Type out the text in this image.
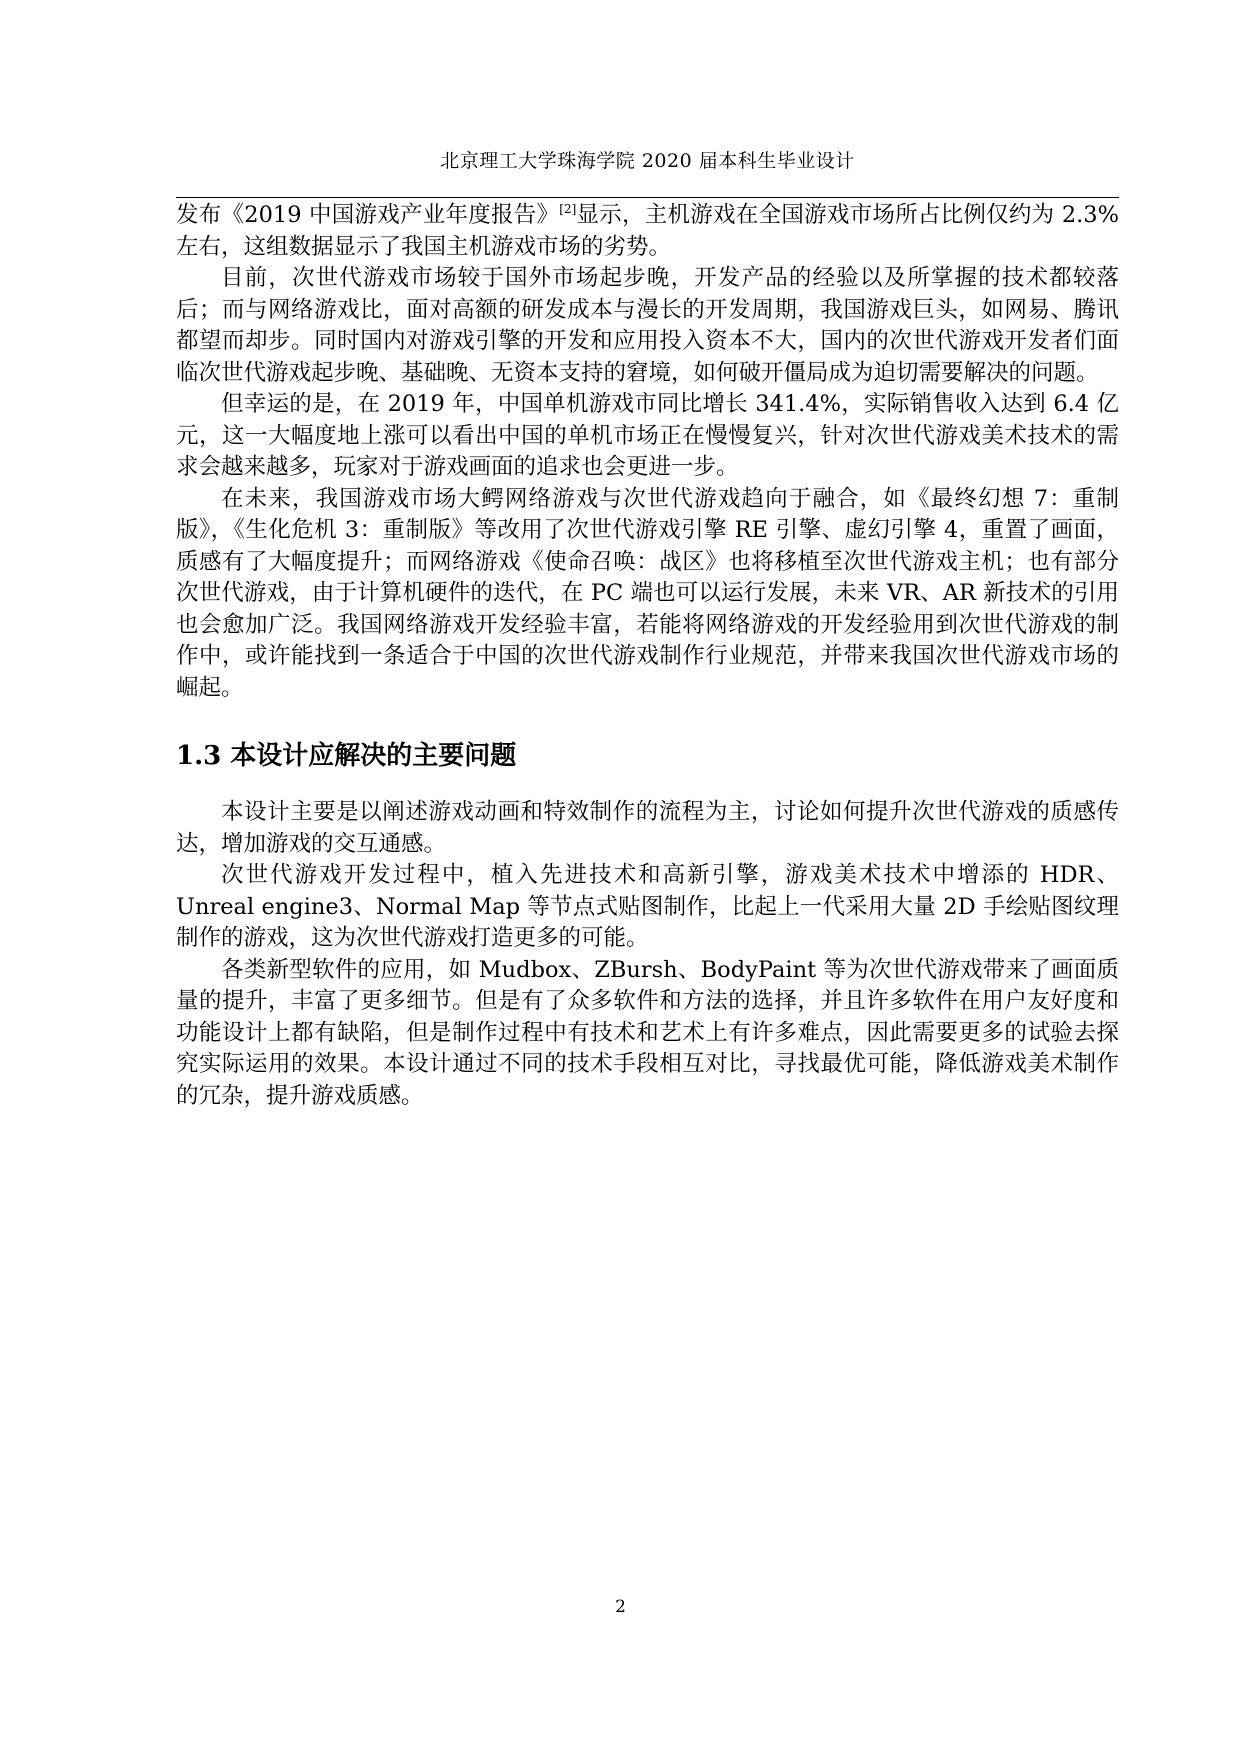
北京理工大学珠海学院 2020 届本科生毕业设计

发布《2019 中国游戏产业年度报告》[2]显示，主机游戏在全国游戏市场所占比例仅约为 2.3%左右，这组数据显示了我国主机游戏市场的劣势。

目前，次世代游戏市场较于国外市场起步晚，开发产品的经验以及所掌握的技术都较落后；而与网络游戏比，面对高额的研发成本与漫长的开发周期，我国游戏巨头，如网易、腾讯都望而却步。同时国内对游戏引擎的开发和应用投入资本不大，国内的次世代游戏开发者们面临次世代游戏起步晚、基础晚、无资本支持的窘境，如何破开僵局成为迫切需要解决的问题。

但幸运的是，在 2019 年，中国单机游戏市同比增长 341.4%，实际销售收入达到 6.4 亿元，这一大幅度地上涨可以看出中国的单机市场正在慢慢复兴，针对次世代游戏美术技术的需求会越来越多，玩家对于游戏画面的追求也会更进一步。

在未来，我国游戏市场大鳄网络游戏与次世代游戏趋向于融合，如《最终幻想 7：重制版》，《生化危机 3：重制版》等改用了次世代游戏引擎 RE 引擎、虚幻引擎 4，重置了画面，质感有了大幅度提升；而网络游戏《使命召唤：战区》也将移植至次世代游戏主机；也有部分次世代游戏，由于计算机硬件的迭代，在 PC 端也可以运行发展，未来 VR、AR 新技术的引用也会愈加广泛。我国网络游戏开发经验丰富，若能将网络游戏的开发经验用到次世代游戏的制作中，或许能找到一条适合于中国的次世代游戏制作行业规范，并带来我国次世代游戏市场的崛起。

1.3 本设计应解决的主要问题

本设计主要是以阐述游戏动画和特效制作的流程为主，讨论如何提升次世代游戏的质感传达，增加游戏的交互通感。

次世代游戏开发过程中，植入先进技术和高新引擎，游戏美术技术中增添的 HDR、Unreal engine3、Normal Map 等节点式贴图制作，比起上一代采用大量 2D 手绘贴图纹理制作的游戏，这为次世代游戏打造更多的可能。

各类新型软件的应用，如 Mudbox、ZBursh、BodyPaint 等为次世代游戏带来了画面质量的提升，丰富了更多细节。但是有了众多软件和方法的选择，并且许多软件在用户友好度和功能设计上都有缺陷，但是制作过程中有技术和艺术上有许多难点，因此需要更多的试验去探究实际运用的效果。本设计通过不同的技术手段相互对比，寻找最优可能，降低游戏美术制作的冗杂，提升游戏质感。

2
